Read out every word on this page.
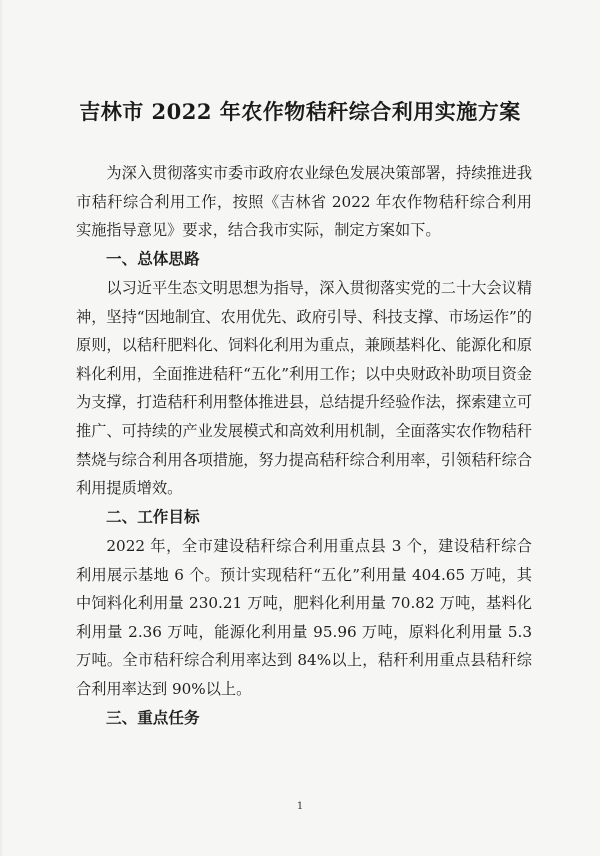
吉林市 2022 年农作物秸秆综合利用实施方案

为深入贯彻落实市委市政府农业绿色发展决策部署，持续推进我市秸秆综合利用工作，按照《吉林省 2022 年农作物秸秆综合利用实施指导意见》要求，结合我市实际，制定方案如下。

一、总体思路

以习近平生态文明思想为指导，深入贯彻落实党的二十大会议精神，坚持“因地制宜、农用优先、政府引导、科技支撑、市场运作”的原则，以秸秆肥料化、饲料化利用为重点，兼顾基料化、能源化和原料化利用，全面推进秸秆“五化”利用工作；以中央财政补助项目资金为支撑，打造秸秆利用整体推进县，总结提升经验作法，探索建立可推广、可持续的产业发展模式和高效利用机制，全面落实农作物秸秆禁烧与综合利用各项措施，努力提高秸秆综合利用率，引领秸秆综合利用提质增效。

二、工作目标

2022 年，全市建设秸秆综合利用重点县 3 个，建设秸秆综合利用展示基地 6 个。预计实现秸秆“五化”利用量 404.65 万吨，其中饲料化利用量 230.21 万吨，肥料化利用量 70.82 万吨，基料化利用量 2.36 万吨，能源化利用量 95.96 万吨，原料化利用量 5.3 万吨。全市秸秆综合利用率达到 84%以上，秸秆利用重点县秸秆综合利用率达到 90%以上。

三、重点任务

1
